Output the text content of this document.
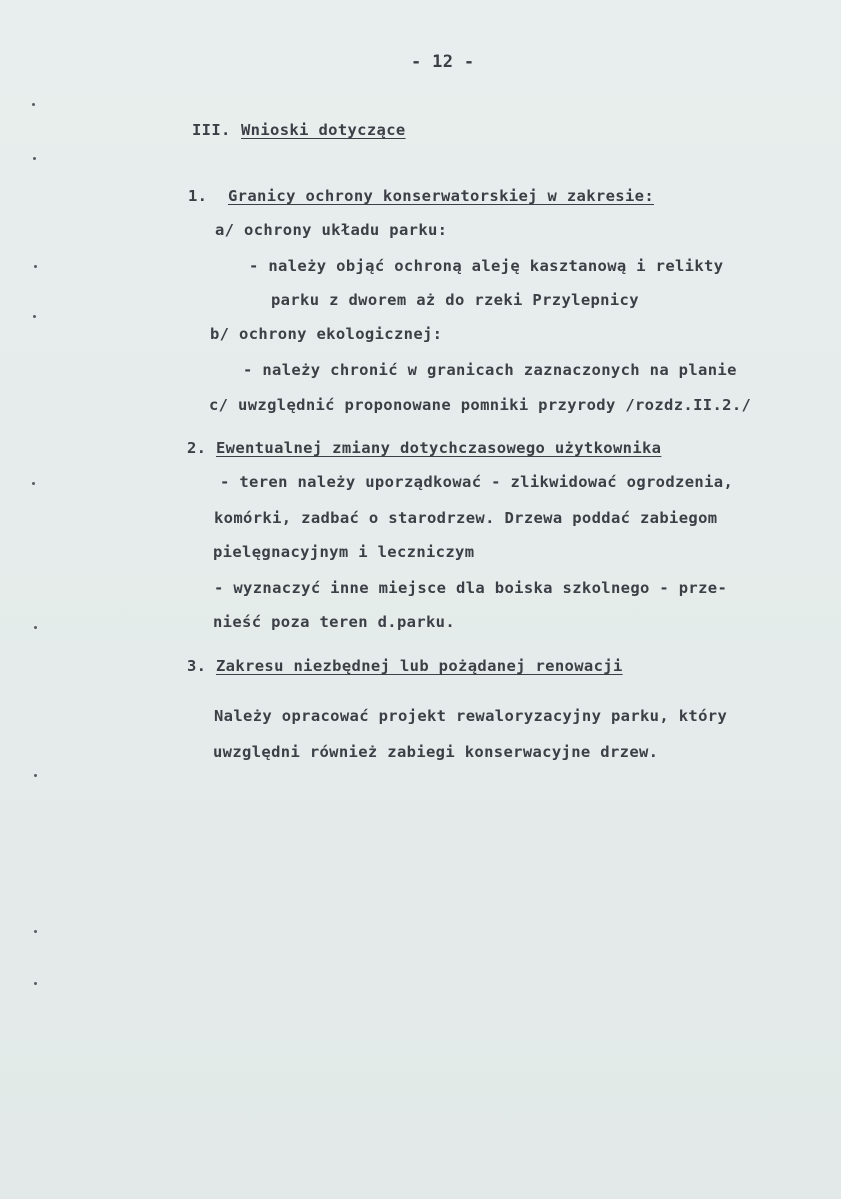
- 12 -
III. Wnioski dotyczące
1. Granicy ochrony konserwatorskiej w zakresie:
a/ ochrony układu parku:
- należy objąć ochroną aleję kasztanową i relikty
parku z dworem aż do rzeki Przylepnicy
b/ ochrony ekologicznej:
- należy chronić w granicach zaznaczonych na planie
c/ uwzględnić proponowane pomniki przyrody /rozdz.II.2./
2. Ewentualnej zmiany dotychczasowego użytkownika
- teren należy uporządkować - zlikwidować ogrodzenia,
komórki, zadbać o starodrzew. Drzewa poddać zabiegom
pielęgnacyjnym i leczniczym
- wyznaczyć inne miejsce dla boiska szkolnego - prze-
nieść poza teren d.parku.
3. Zakresu niezbędnej lub pożądanej renowacji
Należy opracować projekt rewaloryzacyjny parku, który
uwzględni również zabiegi konserwacyjne drzew.
